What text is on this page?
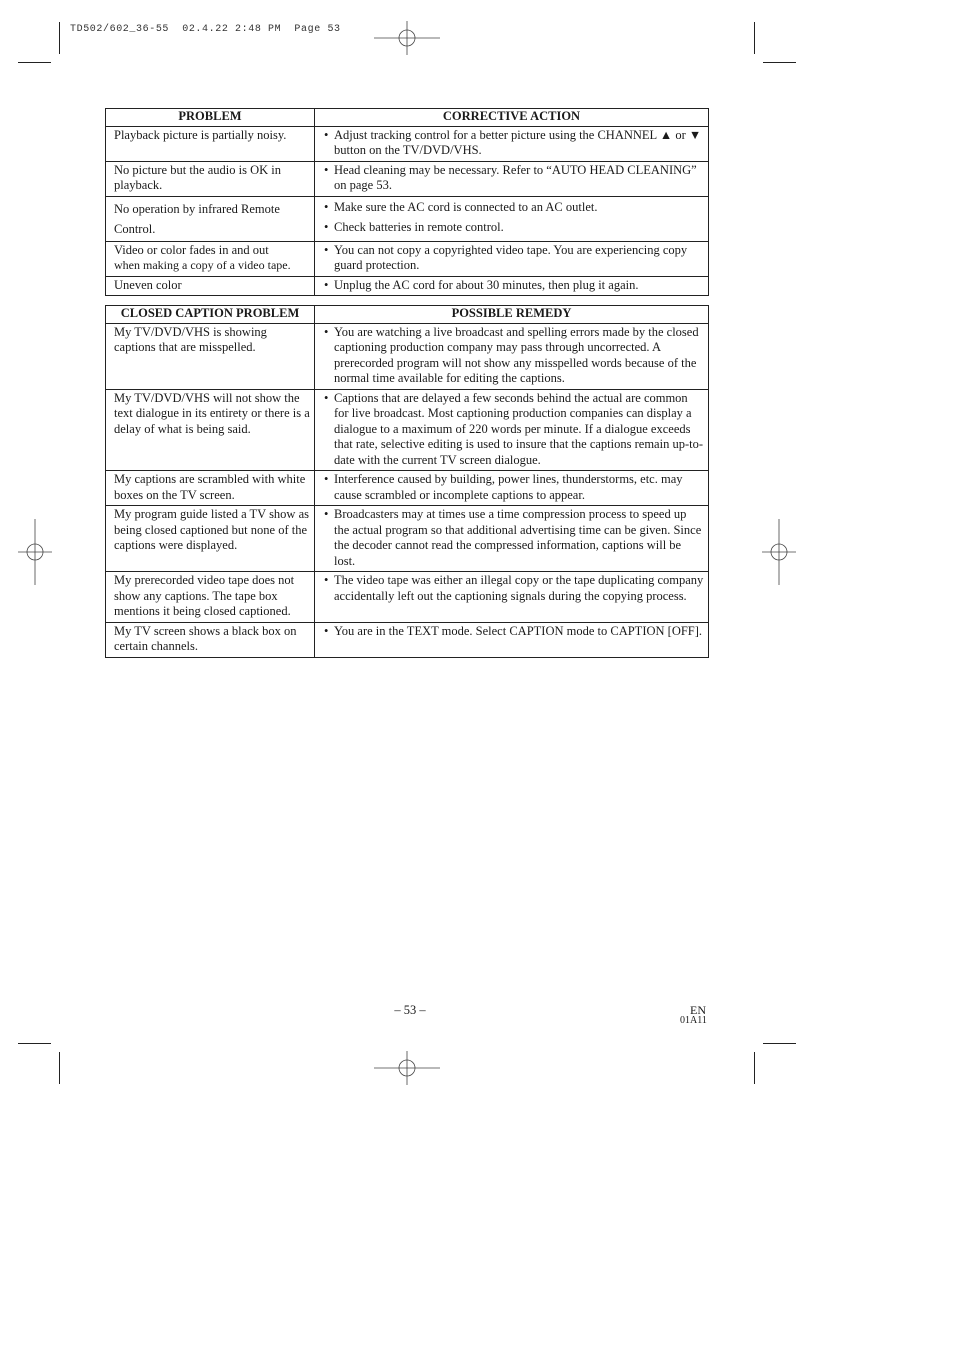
TD502/602_36-55  02.4.22 2:48 PM  Page 53
PROBLEM	CORRECTIVE ACTION
Playback picture is partially noisy.	• Adjust tracking control for a better picture using the CHANNEL ▲ or ▼ button on the TV/DVD/VHS.

No picture but the audio is OK in playback.	• Head cleaning may be necessary. Refer to “AUTO HEAD CLEANING” on page 53.

No operation by infrared Remote Control.	• Make sure the AC cord is connected to an AC outlet.
• Check batteries in remote control.

Video or color fades in and out
when making a copy of a video tape.	• You can not copy a copyrighted video tape. You are experiencing copy guard protection.

Uneven color	• Unplug the AC cord for about 30 minutes, then plug it again.
CLOSED CAPTION PROBLEM	POSSIBLE REMEDY
My TV/DVD/VHS is showing captions that are misspelled.	• You are watching a live broadcast and spelling errors made by the closed captioning production company may pass through uncorrected. A prerecorded program will not show any misspelled words because of the normal time available for editing the captions.

My TV/DVD/VHS will not show the text dialogue in its entirety or there is a delay of what is being said.	• Captions that are delayed a few seconds behind the actual are common for live broadcast. Most captioning production companies can display a dialogue to a maximum of 220 words per minute. If a dialogue exceeds that rate, selective editing is used to insure that the captions remain up-to-date with the current TV screen dialogue.

My captions are scrambled with white boxes on the TV screen.	• Interference caused by building, power lines, thunderstorms, etc. may cause scrambled or incomplete captions to appear.

My program guide listed a TV show as being closed captioned but none of the captions were displayed.	• Broadcasters may at times use a time compression process to speed up the actual program so that additional advertising time can be given. Since the decoder cannot read the compressed information, captions will be lost.

My prerecorded video tape does not show any captions. The tape box mentions it being closed captioned.	• The video tape was either an illegal copy or the tape duplicating company accidentally left out the captioning signals during the copying process.

My TV screen shows a black box on certain channels.	• You are in the TEXT mode. Select CAPTION mode to CAPTION [OFF].
– 53 –	EN
01A11
